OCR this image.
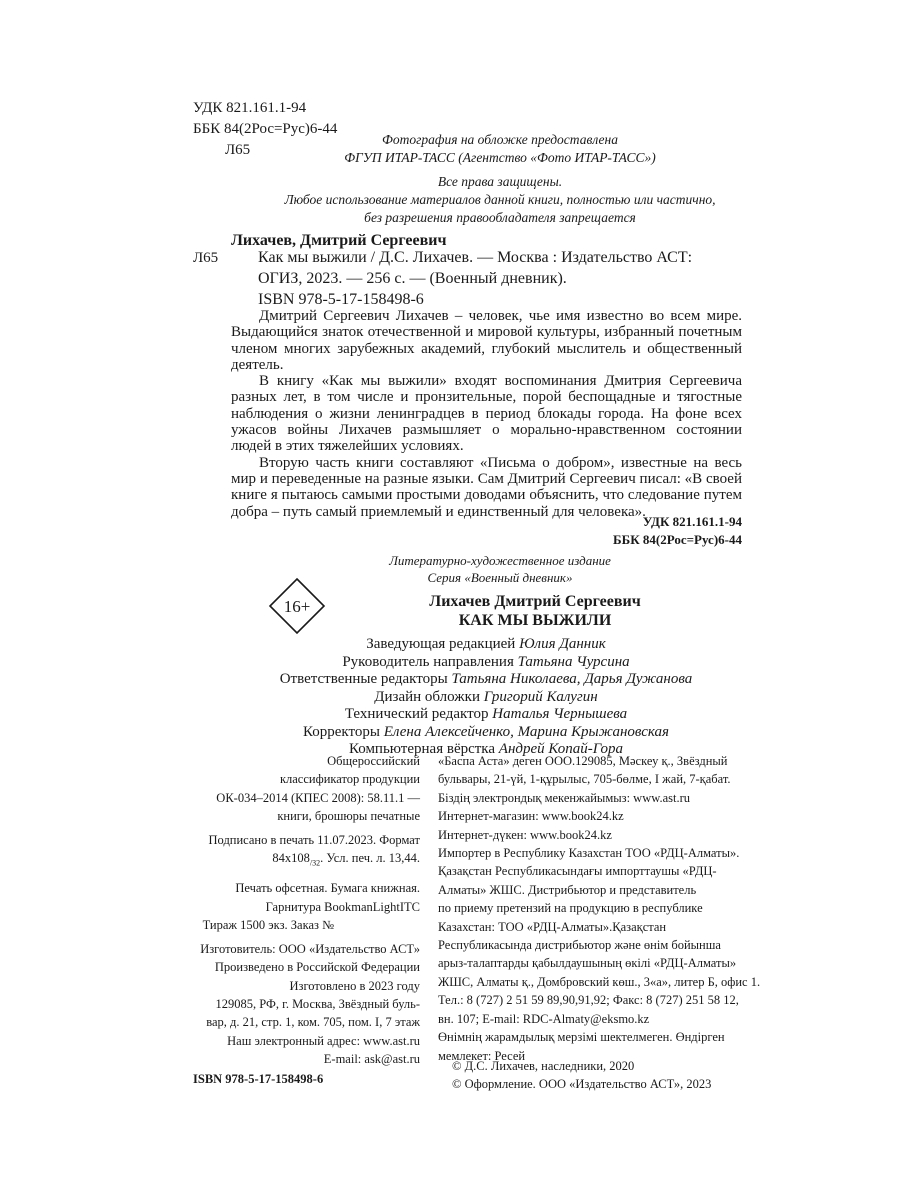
УДК 821.161.1-94
ББК 84(2Рос=Рус)6-44
Л65
Фотография на обложке предоставлена
ФГУП ИТАР-ТАСС (Агентство «Фото ИТАР-ТАСС»)
Все права защищены.
Любое использование материалов данной книги, полностью или частично,
без разрешения правообладателя запрещается
Лихачев, Дмитрий Сергеевич
Л65 Как мы выжили / Д.С. Лихачев. — Москва : Издательство АСТ:
ОГИЗ, 2023. — 256 с. — (Военный дневник).
ISBN 978-5-17-158498-6

Дмитрий Сергеевич Лихачев – человек, чье имя известно во всем мире. Выдающийся знаток отечественной и мировой культуры, избранный почетным членом многих зарубежных академий, глубокий мыслитель и общественный деятель.

В книгу «Как мы выжили» входят воспоминания Дмитрия Сергеевича разных лет, в том числе и пронзительные, порой беспощадные и тягостные наблюдения о жизни ленинградцев в период блокады города. На фоне всех ужасов войны Лихачев размышляет о морально-нравственном состоянии людей в этих тяжелейших условиях.

Вторую часть книги составляют «Письма о добром», известные на весь мир и переведенные на разные языки. Сам Дмитрий Сергеевич писал: «В своей книге я пытаюсь самыми простыми доводами объяснить, что следование путем добра – путь самый приемлемый и единственный для человека».

УДК 821.161.1-94
ББК 84(2Рос=Рус)6-44
Литературно-художественное издание
Серия «Военный дневник»
16+	Лихачев Дмитрий Сергеевич
КАК МЫ ВЫЖИЛИ
Заведующая редакцией Юлия Данник
Руководитель направления Татьяна Чурсина
Ответственные редакторы Татьяна Николаева, Дарья Дужанова
Дизайн обложки Григорий Калугин
Технический редактор Наталья Чернышева
Корректоры Елена Алексейченко, Марина Крыжановская
Компьютерная вёрстка Андрей Копай-Гора
Общероссийский
классификатор продукции
ОК-034–2014 (КПЕС 2008): 58.11.1 —
книги, брошюры печатные
Подписано в печать 11.07.2023. Формат
$84x108_{/32}$. Усл. печ. л. 13,44.
Печать офсетная. Бумага книжная.
Гарнитура BookmanLightITC
Тираж 1500 экз. Заказ №
Изготовитель: ООО «Издательство АСТ»
Произведено в Российской Федерации
Изготовлено в 2023 году
129085, РФ, г. Москва, Звёздный буль-
вар, д. 21, стр. 1, ком. 705, пом. I, 7 этаж
Наш электронный адрес: www.ast.ru
E-mail: ask@ast.ru
«Баспа Аста» деген ООО.129085, Мәскеу қ., Звёздный
бульвары, 21-үй, 1-құрылыс, 705-бөлме, I жай, 7-қабат.
Біздің электрондық мекенжайымыз: www.ast.ru
Интернет-магазин: www.book24.kz
Интернет-дүкен: www.book24.kz
Импортер в Республику Казахстан ТОО «РДЦ-Алматы».
Қазақстан Республикасындағы импорттаушы «РДЦ-
Алматы» ЖШС. Дистрибьютор и представитель
по приему претензий на продукцию в республике
Казахстан: ТОО «РДЦ-Алматы».Қазақстан
Республикасында дистрибьютор және өнім бойынша
арыз-талаптарды қабылдаушының өкілі «РДЦ-Алматы»
ЖШС, Алматы қ., Домбровский көш., 3«а», литер Б, офис 1.
Тел.: 8 (727) 2 51 59 89,90,91,92; Факс: 8 (727) 251 58 12,
вн. 107; E-mail: RDC-Almaty@eksmo.kz
Өнімнің жарамдылық мерзімі шектелмеген. Өндірген
мемлекет: Ресей
ISBN 978-5-17-158498-6
© Д.С. Лихачев, наследники, 2020
© Оформление. ООО «Издательство АСТ», 2023
